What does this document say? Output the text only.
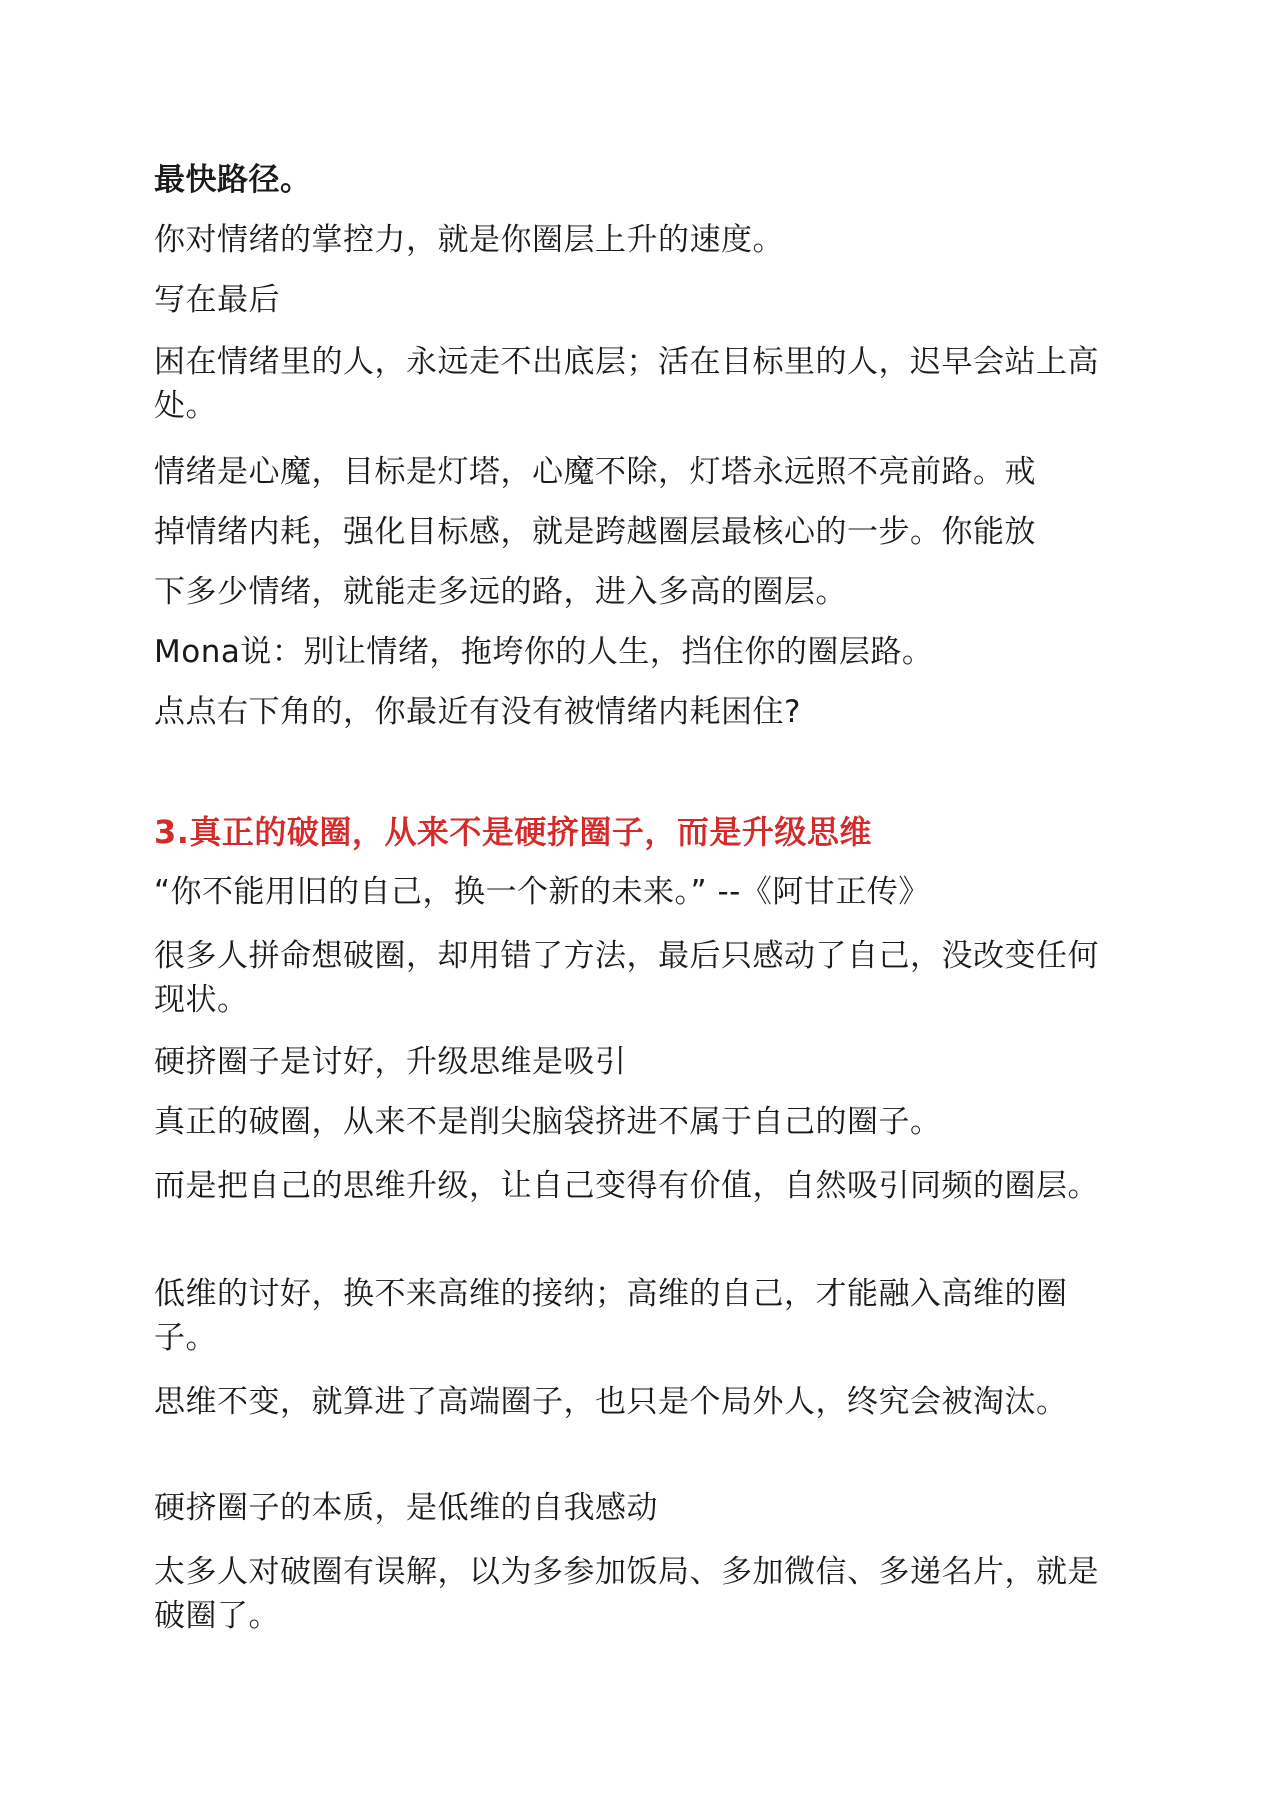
最快路径。
你对情绪的掌控力，就是你圈层上升的速度。
写在最后
困在情绪里的人，永远走不出底层；活在目标里的人，迟早会站上高处。
情绪是心魔，目标是灯塔，心魔不除，灯塔永远照不亮前路。戒
掉情绪内耗，强化目标感，就是跨越圈层最核心的一步。你能放
下多少情绪，就能走多远的路，进入多高的圈层。
Mona说：别让情绪，拖垮你的人生，挡住你的圈层路。
点点右下角的，你最近有没有被情绪内耗困住?
3.真正的破圈，从来不是硬挤圈子，而是升级思维
“你不能用旧的自己，换一个新的未来。” --《阿甘正传》
很多人拼命想破圈，却用错了方法，最后只感动了自己，没改变任何现状。
硬挤圈子是讨好，升级思维是吸引
真正的破圈，从来不是削尖脑袋挤进不属于自己的圈子。
而是把自己的思维升级，让自己变得有价值，自然吸引同频的圈层。
低维的讨好，换不来高维的接纳；高维的自己，才能融入高维的圈子。
思维不变，就算进了高端圈子，也只是个局外人，终究会被淘汰。
硬挤圈子的本质，是低维的自我感动
太多人对破圈有误解，以为多参加饭局、多加微信、多递名片，就是破圈了。
